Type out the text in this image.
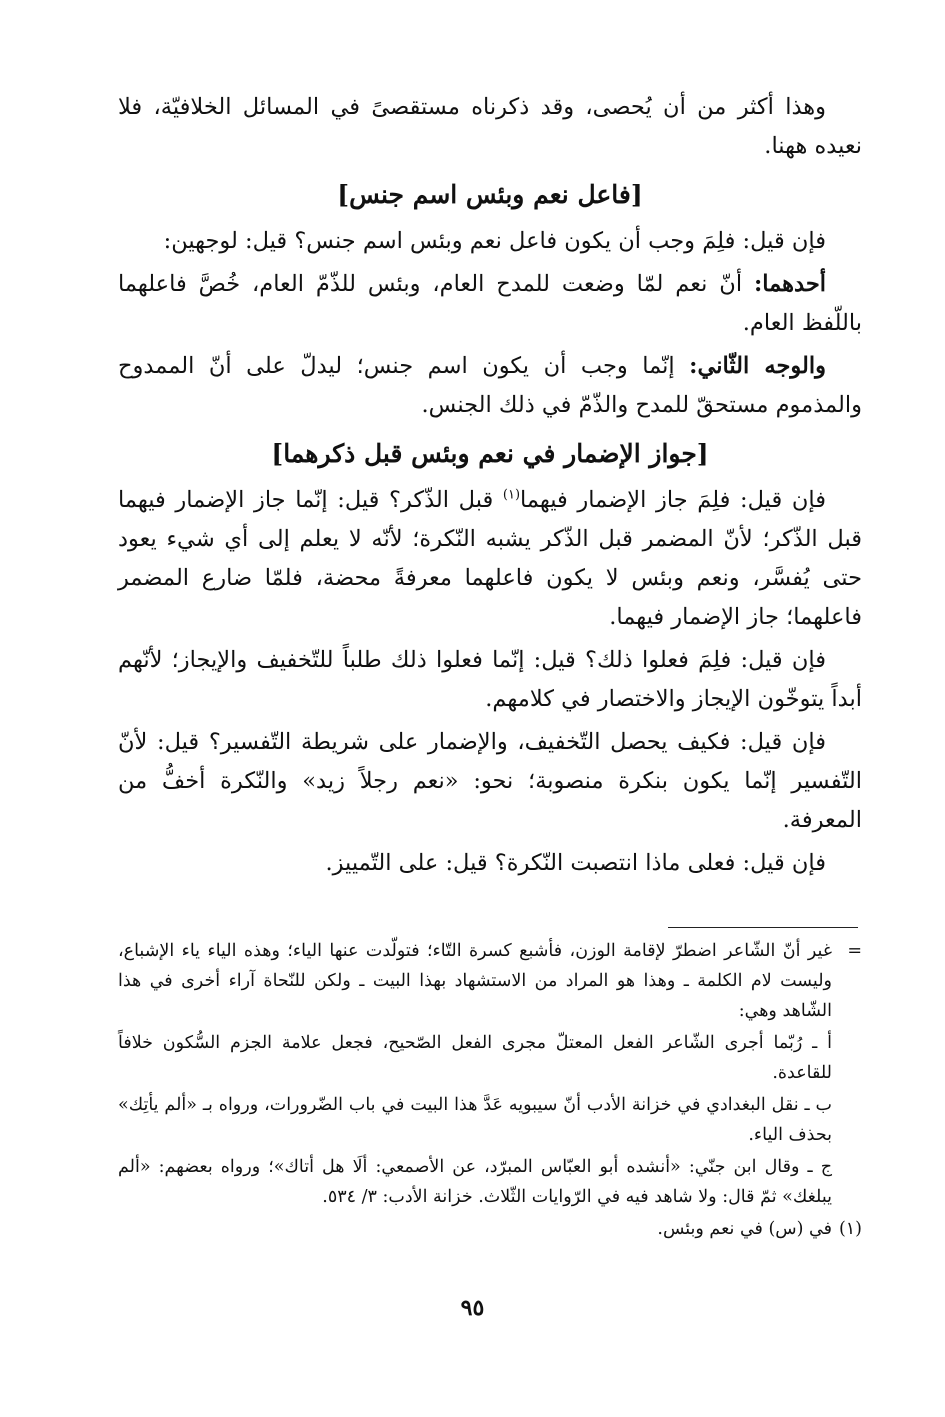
وهذا أكثر من أن يُحصى، وقد ذكرناه مستقصىً في المسائل الخلافيّة، فلا نعيده ههنا.

[فاعل نعم وبئس اسم جنس]

فإن قيل: فلِمَ وجب أن يكون فاعل نعم وبئس اسم جنس؟ قيل: لوجهين:

أحدهما: أنّ نعم لمّا وضعت للمدح العام، وبئس للذّمّ العام، خُصَّ فاعلهما باللّفظ العام.

والوجه الثّاني: إنّما وجب أن يكون اسم جنس؛ ليدلّ على أنّ الممدوح والمذموم مستحقّ للمدح والذّمّ في ذلك الجنس.

[جواز الإضمار في نعم وبئس قبل ذكرهما]

فإن قيل: فلِمَ جاز الإضمار فيهما$^{(١)}$ قبل الذّكر؟ قيل: إنّما جاز الإضمار فيهما قبل الذّكر؛ لأنّ المضمر قبل الذّكر يشبه النّكرة؛ لأنّه لا يعلم إلى أي شيء يعود حتى يُفسَّر، ونعم وبئس لا يكون فاعلهما معرفةً محضة، فلمّا ضارع المضمر فاعلهما؛ جاز الإضمار فيهما.

فإن قيل: فلِمَ فعلوا ذلك؟ قيل: إنّما فعلوا ذلك طلباً للتّخفيف والإيجاز؛ لأنّهم أبداً يتوخّون الإيجاز والاختصار في كلامهم.

فإن قيل: فكيف يحصل التّخفيف، والإضمار على شريطة التّفسير؟ قيل: لأنّ التّفسير إنّما يكون بنكرة منصوبة؛ نحو: «نعم رجلاً زيد» والنّكرة أخفُّ من المعرفة.

فإن قيل: فعلى ماذا انتصبت النّكرة؟ قيل: على التّمييز.

=
غير أنّ الشّاعر اضطرّ لإقامة الوزن، فأشبع كسرة التّاء؛ فتولّدت عنها الياء؛ وهذه الياء ياء الإشباع، وليست لام الكلمة ـ وهذا هو المراد من الاستشهاد بهذا البيت ـ ولكن للنّحاة آراء أخرى في هذا الشّاهد وهي:
أ ـ رُبّما أجرى الشّاعر الفعل المعتلّ مجرى الفعل الصّحيح، فجعل علامة الجزم السُّكون خلافاً للقاعدة.
ب ـ نقل البغدادي في خزانة الأدب أنّ سيبويه عَدَّ هذا البيت في باب الضّرورات، ورواه بـ «ألم يأتِك» بحذف الياء.
ج ـ وقال ابن جنّي: «أنشده أبو العبّاس المبرّد، عن الأصمعي: ألَا هل أتاك»؛ ورواه بعضهم: «ألم يبلغك» ثمّ قال: ولا شاهد فيه في الرّوايات الثّلاث. خزانة الأدب: ٣/ ٥٣٤.
(١)
في (س) في نعم وبئس.
٩٥
